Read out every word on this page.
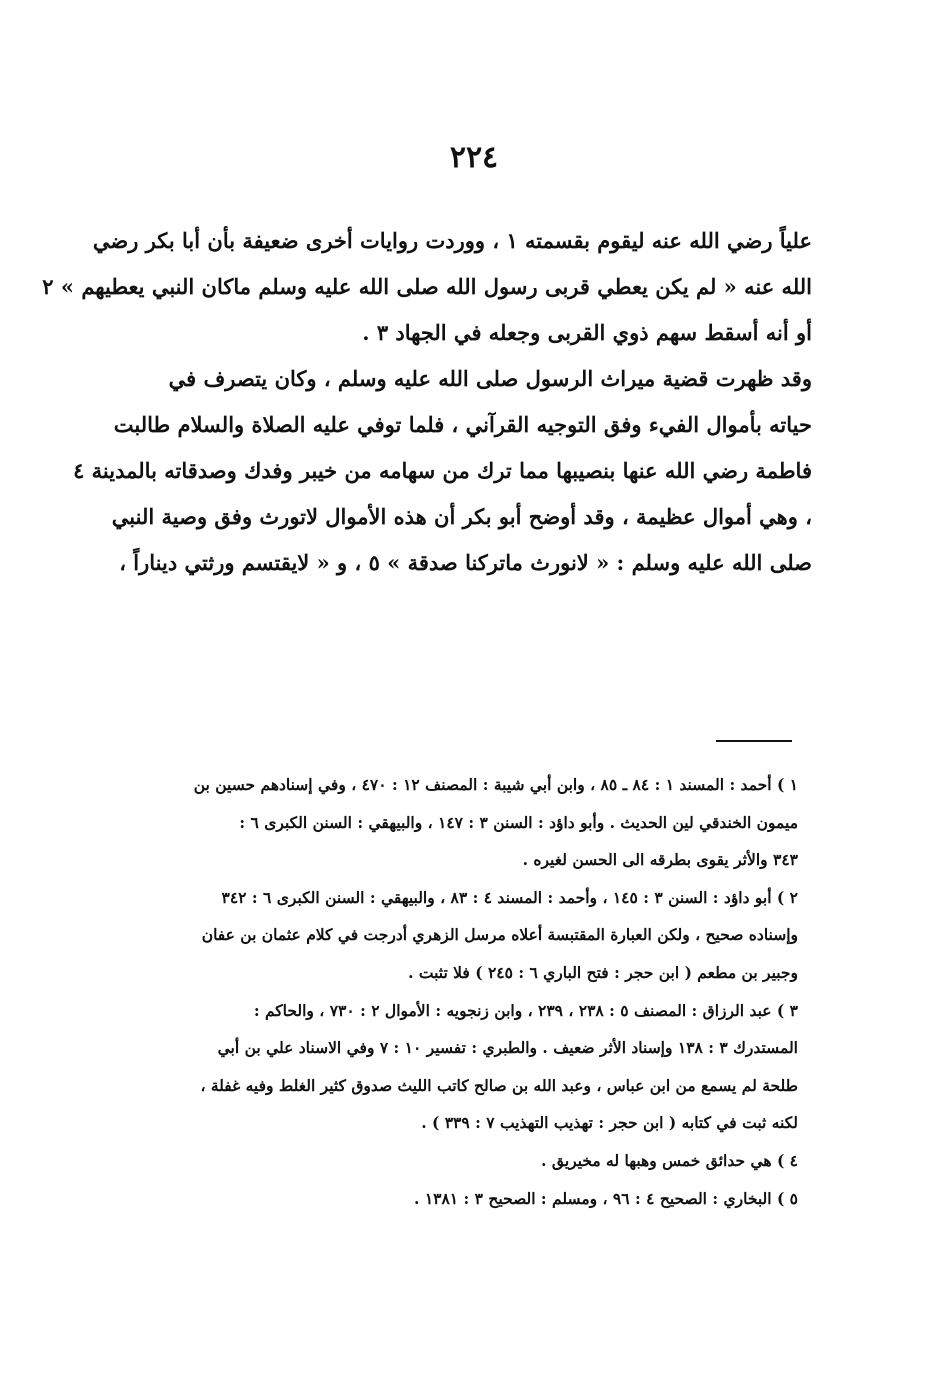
٢٢٤
علياً رضي الله عنه ليقوم بقسمته ١ ، ووردت روايات أخرى ضعيفة بأن أبا بكر رضي
الله عنه « لم يكن يعطي قربى رسول الله صلى الله عليه وسلم ماكان النبي يعطيهم » ٢
أو أنه أسقط سهم ذوي القربى وجعله في الجهاد ٣ .
وقد ظهرت قضية ميراث الرسول صلى الله عليه وسلم ، وكان يتصرف في
حياته بأموال الفيء وفق التوجيه القرآني ، فلما توفي عليه الصلاة والسلام طالبت
فاطمة رضي الله عنها بنصيبها مما ترك من سهامه من خيبر وفدك وصدقاته بالمدينة ٤
، وهي أموال عظيمة ، وقد أوضح أبو بكر أن هذه الأموال لاتورث وفق وصية النبي
صلى الله عليه وسلم : « لانورث ماتركنا صدقة » ٥ ، و « لايقتسم ورثتي ديناراً ،
١ ) أحمد : المسند ١ : ٨٤ ـ ٨٥ ، وابن أبي شيبة : المصنف ١٢ : ٤٧٠ ، وفي إسنادهم حسين بن
ميمون الخندقي لين الحديث . وأبو داؤد : السنن ٣ : ١٤٧ ، والبيهقي : السنن الكبرى ٦ :
٣٤٣ والأثر يقوى بطرقه الى الحسن لغيره .
٢ ) أبو داؤد : السنن ٣ : ١٤٥ ، وأحمد : المسند ٤ : ٨٣ ، والبيهقي : السنن الكبرى ٦ : ٣٤٢
وإسناده صحيح ، ولكن العبارة المقتبسة أعلاه مرسل الزهري أدرجت في كلام عثمان بن عفان
وجبير بن مطعم ( ابن حجر : فتح الباري ٦ : ٢٤٥ ) فلا تثبت .
٣ ) عبد الرزاق : المصنف ٥ : ٢٣٨ ، ٢٣٩ ، وابن زنجويه : الأموال ٢ : ٧٣٠ ، والحاكم :
المستدرك ٣ : ١٣٨ وإسناد الأثر ضعيف . والطبري : تفسير ١٠ : ٧ وفي الاسناد علي بن أبي
طلحة لم يسمع من ابن عباس ، وعبد الله بن صالح كاتب الليث صدوق كثير الغلط وفيه غفلة ،
لكنه ثبت في كتابه ( ابن حجر : تهذيب التهذيب ٧ : ٣٣٩ ) .
٤ ) هي حدائق خمس وهبها له مخيريق .
٥ ) البخاري : الصحيح ٤ : ٩٦ ، ومسلم : الصحيح ٣ : ١٣٨١ .
